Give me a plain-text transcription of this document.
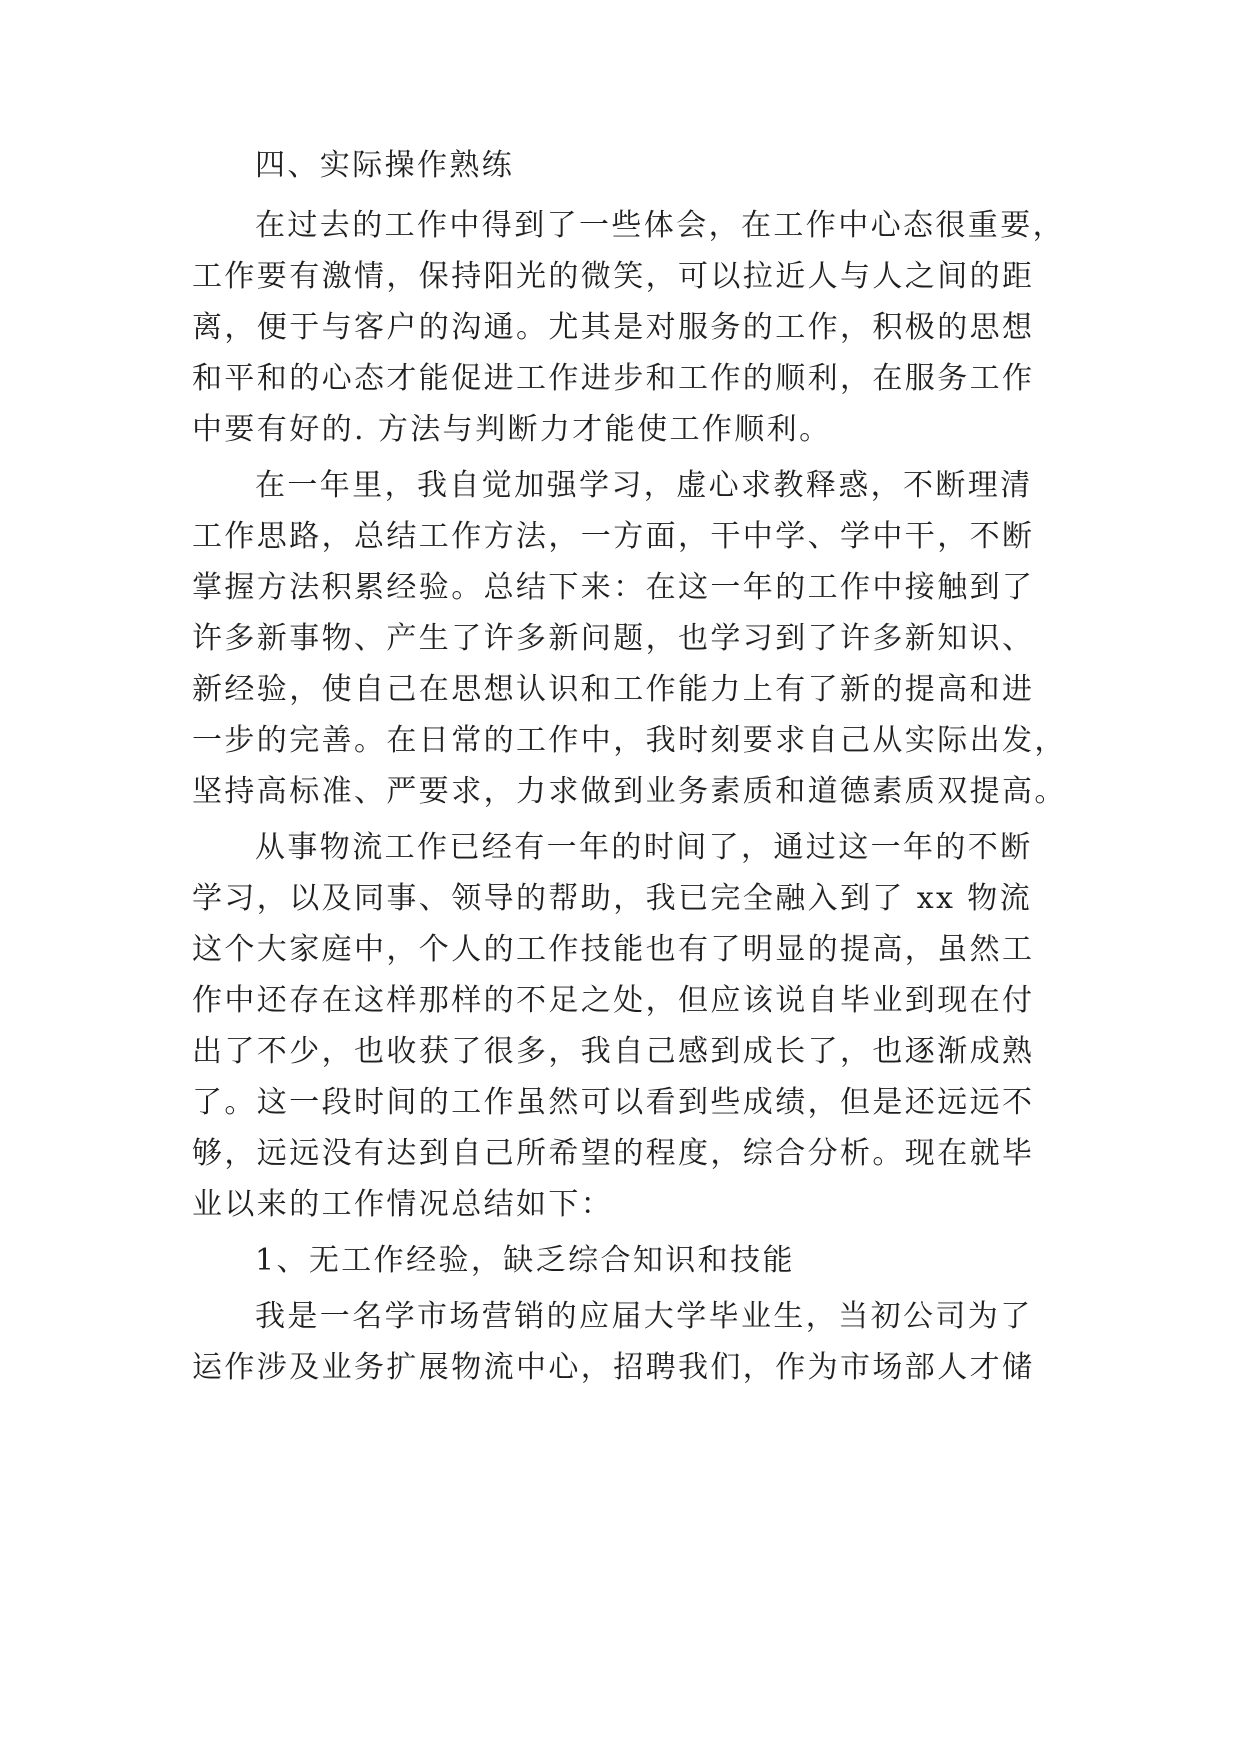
四、实际操作熟练
在过去的工作中得到了一些体会，在工作中心态很重要，
工作要有激情，保持阳光的微笑，可以拉近人与人之间的距
离，便于与客户的沟通。尤其是对服务的工作，积极的思想
和平和的心态才能促进工作进步和工作的顺利，在服务工作
中要有好的. 方法与判断力才能使工作顺利。
在一年里，我自觉加强学习，虚心求教释惑，不断理清
工作思路，总结工作方法，一方面，干中学、学中干，不断
掌握方法积累经验。总结下来：在这一年的工作中接触到了
许多新事物、产生了许多新问题，也学习到了许多新知识、
新经验，使自己在思想认识和工作能力上有了新的提高和进
一步的完善。在日常的工作中，我时刻要求自己从实际出发，
坚持高标准、严要求，力求做到业务素质和道德素质双提高。
从事物流工作已经有一年的时间了，通过这一年的不断
学习，以及同事、领导的帮助，我已完全融入到了 xx 物流
这个大家庭中，个人的工作技能也有了明显的提高，虽然工
作中还存在这样那样的不足之处，但应该说自毕业到现在付
出了不少，也收获了很多，我自己感到成长了，也逐渐成熟
了。这一段时间的工作虽然可以看到些成绩，但是还远远不
够，远远没有达到自己所希望的程度，综合分析。现在就毕
业以来的工作情况总结如下：
1、无工作经验，缺乏综合知识和技能
我是一名学市场营销的应届大学毕业生，当初公司为了
运作涉及业务扩展物流中心，招聘我们，作为市场部人才储
